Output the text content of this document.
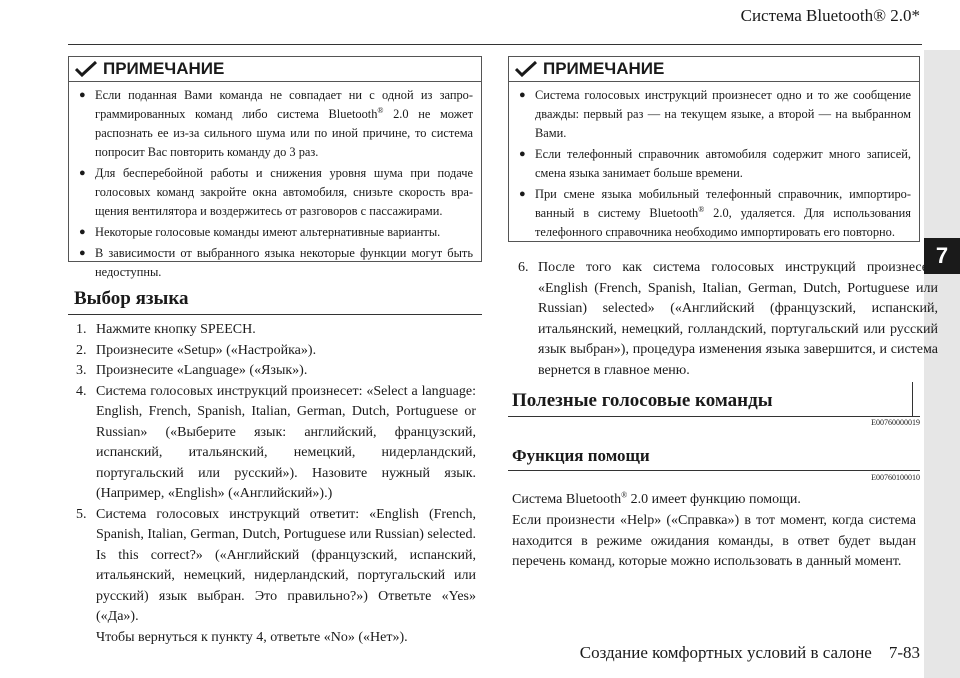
Система Bluetooth® 2.0*
7
ПРИМЕЧАНИЕ
● Если поданная Вами команда не совпадает ни с одной из запрограммированных команд либо система Bluetooth® 2.0 не может распознать ее из-за сильного шума или по иной причине, то система попросит Вас повторить команду до 3 раз.
● Для бесперебойной работы и снижения уровня шума при подаче голосовых команд закройте окна автомобиля, снизьте скорость вращения вентилятора и воздержитесь от разговоров с пассажирами.
● Некоторые голосовые команды имеют альтернативные варианты.
● В зависимости от выбранного языка некоторые функции могут быть недоступны.
Выбор языка
1. Нажмите кнопку SPEECH.
2. Произнесите «Setup» («Настройка»).
3. Произнесите «Language» («Язык»).
4. Система голосовых инструкций произнесет: «Select a language: English, French, Spanish, Italian, German, Dutch, Portuguese or Russian» («Выберите язык: английский, французский, испанский, итальянский, немецкий, нидерландский, португальский или русский»). Назовите нужный язык. (Например, «English» («Английский»).)
5. Система голосовых инструкций ответит: «English (French, Spanish, Italian, German, Dutch, Portuguese или Russian) selected. Is this correct?» («Английский (французский, испанский, итальянский, немецкий, нидерландский, португальский или русский) язык выбран. Это правильно?») Ответьте «Yes» («Да»).
Чтобы вернуться к пункту 4, ответьте «No» («Нет»).
ПРИМЕЧАНИЕ
● Система голосовых инструкций произнесет одно и то же сообщение дважды: первый раз — на текущем языке, а второй — на выбранном Вами.
● Если телефонный справочник автомобиля содержит много записей, смена языка занимает больше времени.
● При смене языка мобильный телефонный справочник, импортированный в систему Bluetooth® 2.0, удаляется. Для использования телефонного справочника необходимо импортировать его повторно.
6. После того как система голосовых инструкций произнесет: «English (French, Spanish, Italian, German, Dutch, Portuguese или Russian) selected» («Английский (французский, испанский, итальянский, немецкий, голландский, португальский или русский язык выбран»), процедура изменения языка завершится, и система вернется в главное меню.
Полезные голосовые команды
E00760000019
Функция помощи
E00760100010
Система Bluetooth® 2.0 имеет функцию помощи.
Если произнести «Help» («Справка») в тот момент, когда система находится в режиме ожидания команды, в ответ будет выдан перечень команд, которые можно использовать в данный момент.
Создание комфортных условий в салоне    7-83
